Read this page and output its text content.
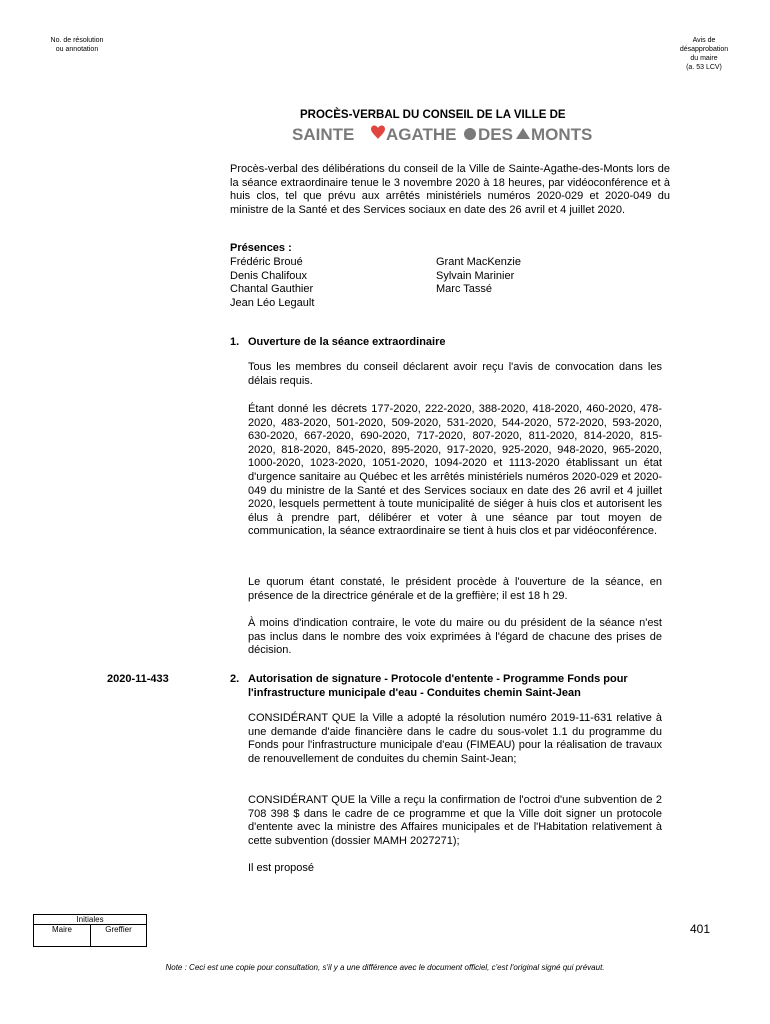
No. de résolution
ou annotation
Avis de
désapprobation
du maire
(a. 53 LCV)
PROCÈS-VERBAL DU CONSEIL DE LA VILLE DE
SAINTE AGATHE DES MONTS
Procès-verbal des délibérations du conseil de la Ville de Sainte-Agathe-des-Monts lors de la séance extraordinaire tenue le 3 novembre 2020 à 18 heures, par vidéoconférence et à huis clos, tel que prévu aux arrêtés ministériels numéros 2020-029 et 2020-049 du ministre de la Santé et des Services sociaux en date des 26 avril et 4 juillet 2020.
Présences :
Frédéric Broué
Denis Chalifoux
Chantal Gauthier
Jean Léo Legault
Grant MacKenzie
Sylvain Marinier
Marc Tassé
1. Ouverture de la séance extraordinaire
Tous les membres du conseil déclarent avoir reçu l'avis de convocation dans les délais requis.
Étant donné les décrets 177-2020, 222-2020, 388-2020, 418-2020, 460-2020, 478-2020, 483-2020, 501-2020, 509-2020, 531-2020, 544-2020, 572-2020, 593-2020, 630-2020, 667-2020, 690-2020, 717-2020, 807-2020, 811-2020, 814-2020, 815-2020, 818-2020, 845-2020, 895-2020, 917-2020, 925-2020, 948-2020, 965-2020, 1000-2020, 1023-2020, 1051-2020, 1094-2020 et 1113-2020 établissant un état d'urgence sanitaire au Québec et les arrêtés ministériels numéros 2020-029 et 2020-049 du ministre de la Santé et des Services sociaux en date des 26 avril et 4 juillet 2020, lesquels permettent à toute municipalité de siéger à huis clos et autorisent les élus à prendre part, délibérer et voter à une séance par tout moyen de communication, la séance extraordinaire se tient à huis clos et par vidéoconférence.
Le quorum étant constaté, le président procède à l'ouverture de la séance, en présence de la directrice générale et de la greffière; il est 18 h 29.
À moins d'indication contraire, le vote du maire ou du président de la séance n'est pas inclus dans le nombre des voix exprimées à l'égard de chacune des prises de décision.
2020-11-433	2. Autorisation de signature - Protocole d'entente - Programme Fonds pour l'infrastructure municipale d'eau - Conduites chemin Saint-Jean
CONSIDÉRANT QUE la Ville a adopté la résolution numéro 2019-11-631 relative à une demande d'aide financière dans le cadre du sous-volet 1.1 du programme du Fonds pour l'infrastructure municipale d'eau (FIMEAU) pour la réalisation de travaux de renouvellement de conduites du chemin Saint-Jean;
CONSIDÉRANT QUE la Ville a reçu la confirmation de l'octroi d'une subvention de 2 708 398 $ dans le cadre de ce programme et que la Ville doit signer un protocole d'entente avec la ministre des Affaires municipales et de l'Habitation relativement à cette subvention (dossier MAMH 2027271);
Il est proposé
Initiales
Maire	Greffier	401
Note : Ceci est une copie pour consultation, s'il y a une différence avec le document officiel, c'est l'original signé qui prévaut.
